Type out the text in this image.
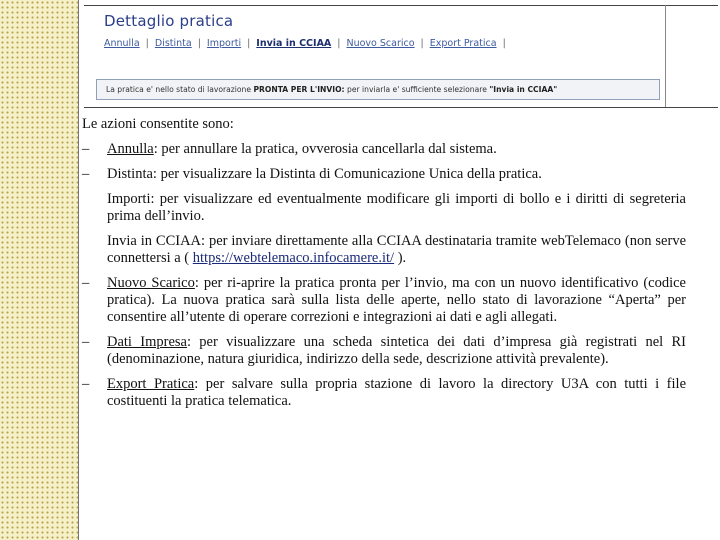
Dettaglio pratica
Annulla | Distinta | Importi | Invia in CCIAA | Nuovo Scarico | Export Pratica |
La pratica e' nello stato di lavorazione PRONTA PER L'INVIO: per inviarla e' sufficiente selezionare "Invia in CCIAA"

Le azioni consentite sono:

–	Annulla: per annullare la pratica, ovverosia cancellarla dal sistema.
–	Distinta: per visualizzare la Distinta di Comunicazione Unica della pratica.
Importi: per visualizzare ed eventualmente modificare gli importi di bollo e i diritti di segreteria prima dell’invio.
Invia in CCIAA: per inviare direttamente alla CCIAA destinataria tramite webTelemaco (non serve connettersi a ( https://webtelemaco.infocamere.it/ ).
–	Nuovo Scarico: per ri-aprire la pratica pronta per l’invio, ma con un nuovo identificativo (codice pratica). La nuova pratica sarà sulla lista delle aperte, nello stato di lavorazione “Aperta” per consentire all’utente di operare correzioni e integrazioni ai dati e agli allegati.
–	Dati Impresa: per visualizzare una scheda sintetica dei dati d’impresa già registrati nel RI (denominazione, natura giuridica, indirizzo della sede, descrizione attività prevalente).
–	Export Pratica: per salvare sulla propria stazione di lavoro la directory U3A con tutti i file costituenti la pratica telematica.
